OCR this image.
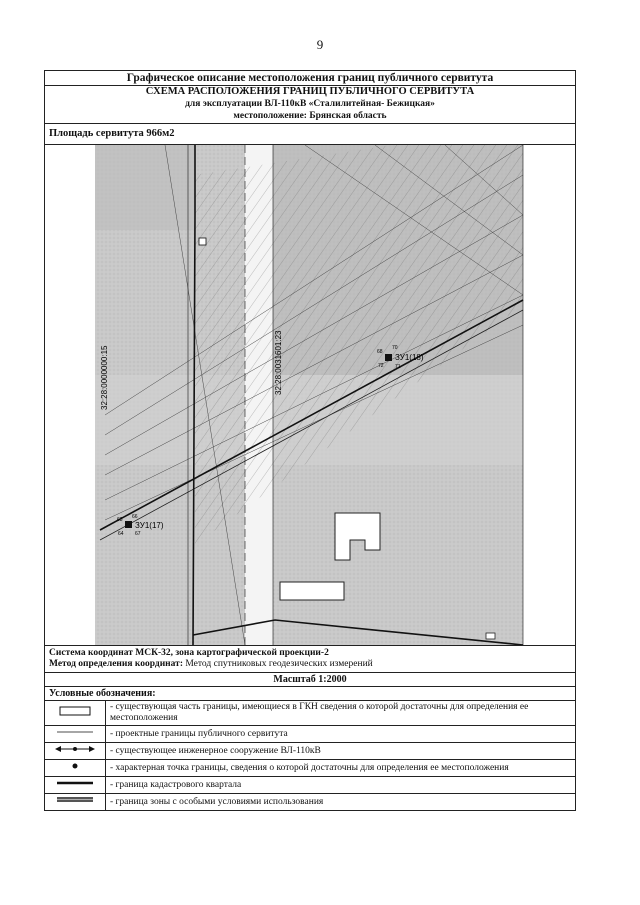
9
Графическое описание местоположения границ публичного сервитута
СХЕМА РАСПОЛОЖЕНИЯ ГРАНИЦ ПУБЛИЧНОГО СЕРВИТУТА
для эксплуатации ВЛ-110кВ «Сталилитейная- Бежицкая»
местоположение: Брянская область
Площадь сервитута 966м2
32:28:0000000:15	32:28:0031601:23	68
70
72 71
ЗУ1(18)
63 66
64 67
ЗУ1(17)
Система координат МСК-32, зона картографической проекции-2
Метод определения координат: Метод спутниковых геодезических измерений
Масштаб 1:2000
Условные обозначения:
	- существующая часть границы, имеющиеся в ГКН сведения о которой достаточны для определения ее местоположения
	- проектные границы публичного сервитута
	- существующее инженерное сооружение ВЛ-110кВ
	- характерная точка границы, сведения о которой достаточны для определения ее местоположения
	- граница кадастрового квартала
	- граница зоны с особыми условиями использования
